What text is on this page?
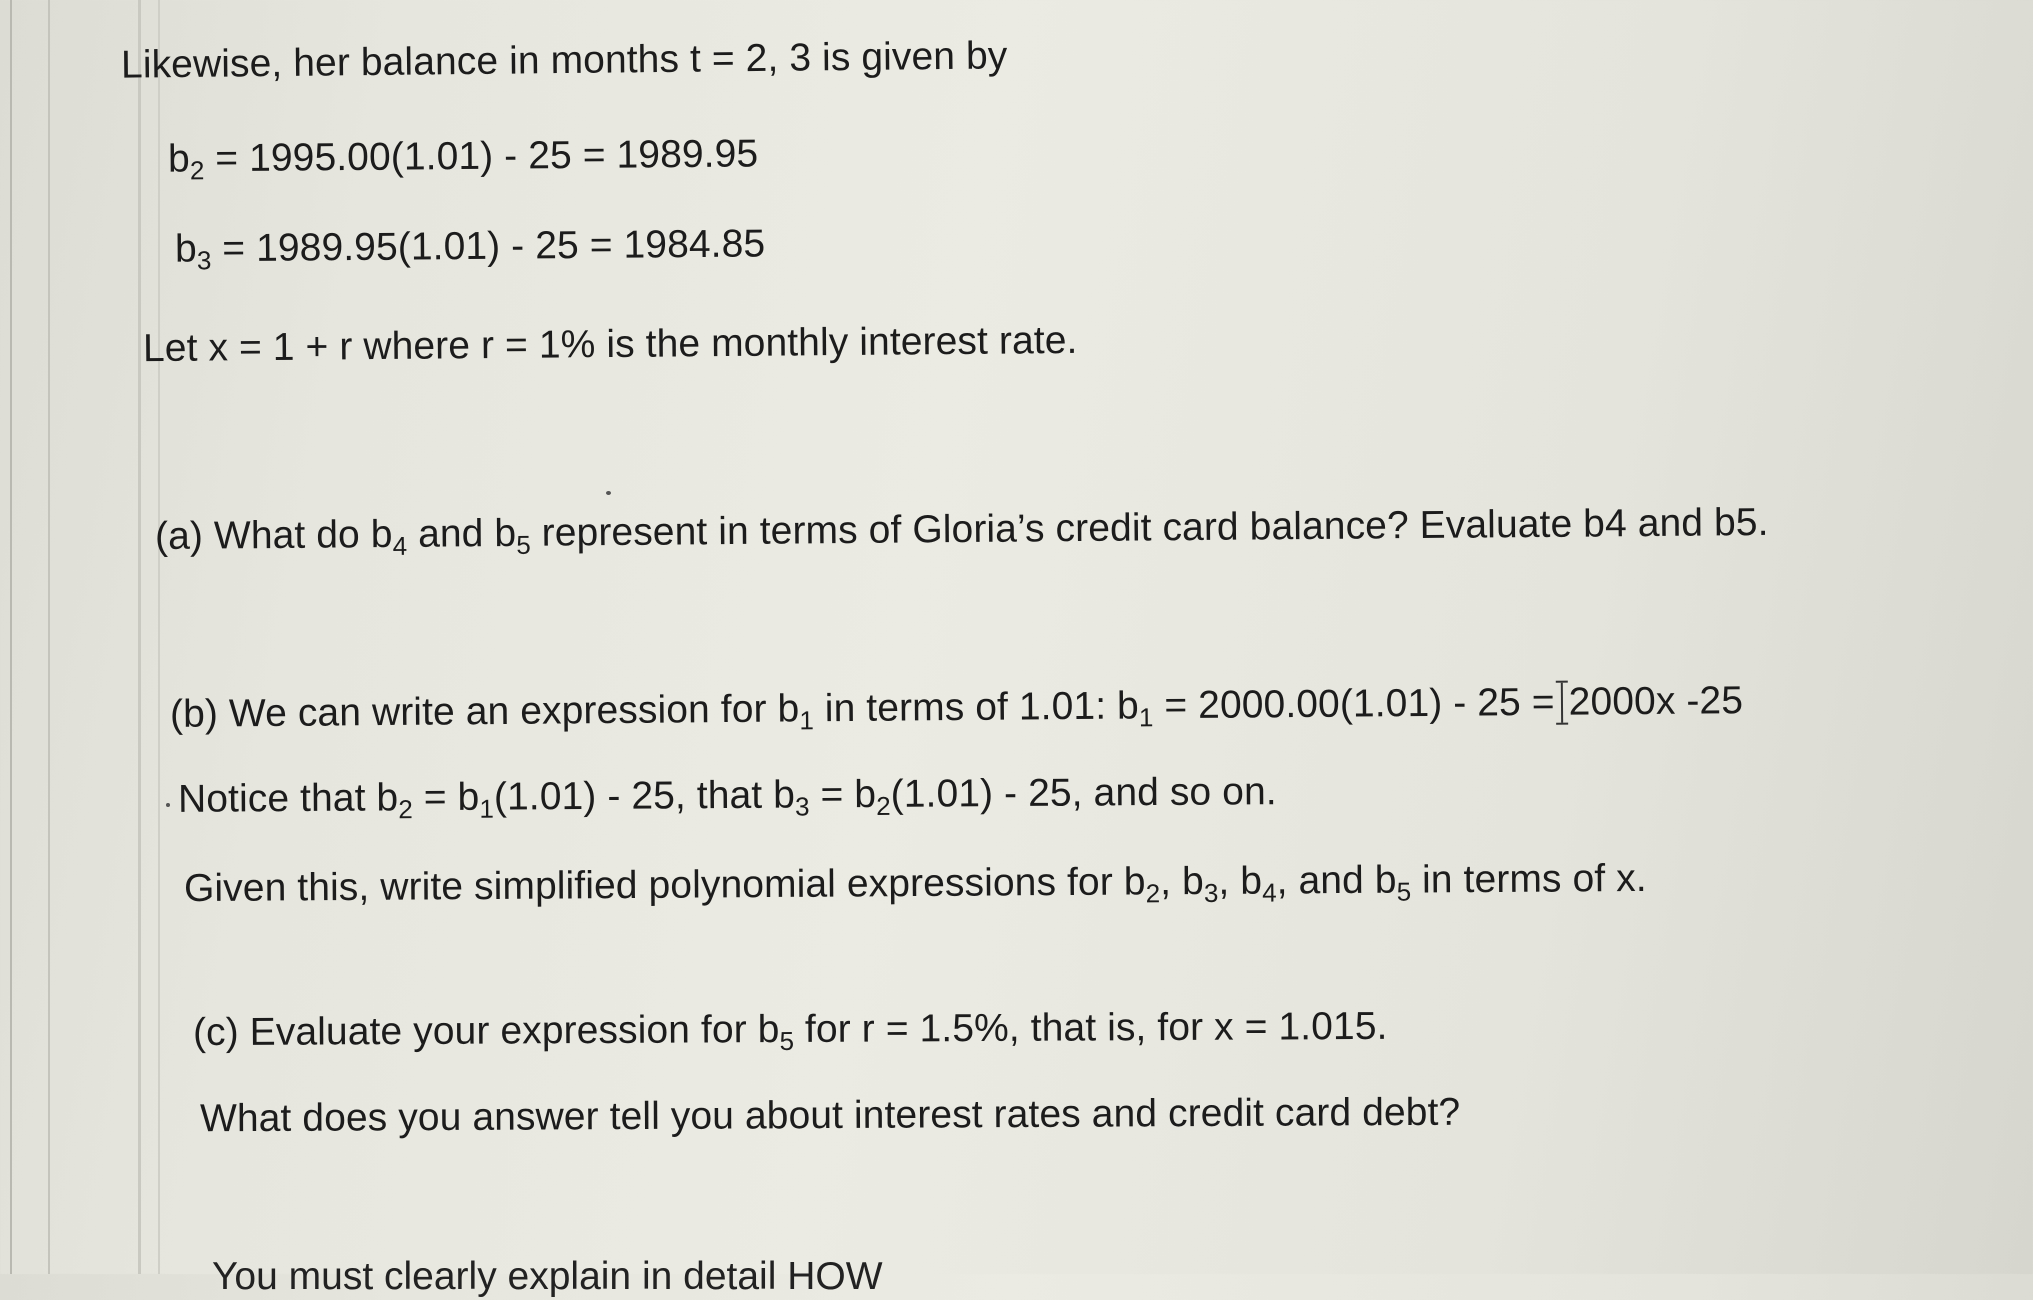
Likewise, her balance in months t = 2, 3 is given by
$b_2 = 1995.00(1.01) - 25 = 1989.95$
$b_3 = 1989.95(1.01) - 25 = 1984.85$
Let x = 1 + r where r = 1% is the monthly interest rate.
(a) What do $b_4$ and $b_5$ represent in terms of Gloria’s credit card balance? Evaluate b4 and b5.
(b) We can write an expression for $b_1$ in terms of 1.01: $b_1 = 2000.00(1.01) - 25 = 2000x$ -25
Notice that $b_2 = b_1(1.01) - 25$, that $b_3 = b_2(1.01) - 25$, and so on.
Given this, write simplified polynomial expressions for $b_2$, $b_3$, $b_4$, and $b_5$ in terms of x.
(c) Evaluate your expression for $b_5$ for r = 1.5%, that is, for x = 1.015.
What does you answer tell you about interest rates and credit card debt?
You must clearly explain in detail HOW
